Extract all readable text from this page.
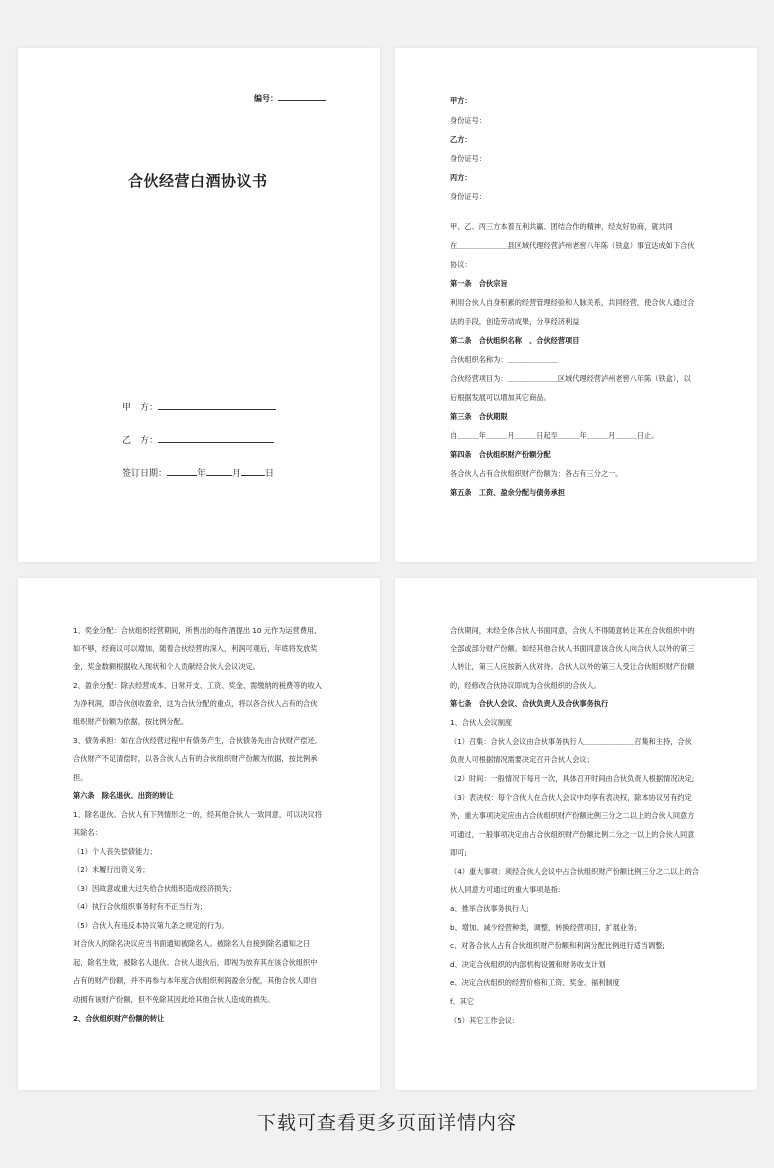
编号：
合伙经营白酒协议书
甲　方：
乙　方：
签订日期：	年	月	日
甲方：
身份证号：
乙方：
身份证号：
丙方：
身份证号：
甲、乙、丙三方本着互利共赢、团结合作的精神，经友好协商，就共同
在＿＿＿＿＿＿＿县区域代理经营泸州老窖八年陈（铁盒）事宜达成如下合伙
协议：
第一条　合伙宗旨
利用合伙人自身积累的经营管理经验和人脉关系，共同经营，使合伙人通过合
法的手段，创造劳动成果，分享经济利益
第二条　合伙组织名称　、合伙经营项目
合伙组织名称为：＿＿＿＿＿＿＿
合伙经营项目为：＿＿＿＿＿＿＿区域代理经营泸州老窖八年陈（铁盒），以
后根据发展可以增加其它商品。
第三条　合伙期限
自＿＿＿年＿＿＿月＿＿＿日起至＿＿＿年＿＿＿月＿＿＿日止。
第四条　合伙组织财产份额分配
各合伙人占有合伙组织财产份额为：各占有三分之一。
第五条　工资、盈余分配与债务承担
1、奖金分配：合伙组织经营期间，所售出的每件酒提出 10 元作为运营费用,
如不够，经商议可以增加，随着合伙经营的深入，利润可观后，年底将发放奖
金，奖金数额根据收入现状和个人贡献经合伙人会议决定。
2、盈余分配：除去经营成本、日常开支、工资、奖金、需缴纳的税费等的收入
为净利润，即合伙创收盈余，这为合伙分配的重点，将以各合伙人占有的合伙
组织财产份额为依据，按比例分配。
3、债务承担：如在合伙经营过程中有债务产生，合伙债务先由合伙财产偿还,
合伙财产不足清偿时，以各合伙人占有的合伙组织财产份额为依据，按比例承
担。
第六条　除名退伙、出资的转让
1、除名退伙。合伙人有下列情形之一的，经其他合伙人一致同意，可以决议将
其除名：
（1）个人丧失偿债能力；
（2）未履行出资义务；
（3）因故意或重大过失给合伙组织造成经济损失；
（4）执行合伙组织事务时有不正当行为；
（5）合伙人有违反本协议第九条之规定的行为。
对合伙人的除名决议应当书面通知被除名人。被除名人自接到除名通知之日
起，除名生效，被除名人退伙。合伙人退伙后，即视为放弃其在该合伙组织中
占有的财产份额，并不再参与本年度合伙组织利润盈余分配，其他合伙人即自
动拥有该财产份额，但不免除其因此给其他合伙人造成的损失。
2、合伙组织财产份额的转让
合伙期间，未经全体合伙人书面同意，合伙人不得随意转让其在合伙组织中的
全部或部分财产份额。如经其他合伙人书面同意该合伙人向合伙人以外的第三
人转让，第三人应按新入伙对待。合伙人以外的第三人受让合伙组织财产份额
的，经修改合伙协议即成为合伙组织的合伙人。
第七条　合伙人会议、合伙负责人及合伙事务执行
1、合伙人会议制度
（1）召集：合伙人会议由合伙事务执行人＿＿＿＿＿＿＿召集和主持，合伙
负责人可根据情况需要决定召开合伙人会议；
（2）时间：一般情况下每月一次，具体召开时间由合伙负责人根据情况决定;
（3）表决权：每个合伙人在合伙人会议中均享有表决权，除本协议另有约定
外，重大事项决定应由占合伙组织财产份额比例三分之二以上的合伙人同意方
可通过，一般事项决定由占合伙组织财产份额比例二分之一以上的合伙人同意
即可;
（4）重大事项：须经合伙人会议中占合伙组织财产份额比例三分之二以上的合
伙人同意方可通过的重大事项是指:
a、推举合伙事务执行人;
b、增加、减少经营种类，调整，转换经营项目，扩展业务;
c、对各合伙人占有合伙组织财产份额和利润分配比例进行适当调整;
d、决定合伙组织的内部机构设置和财务收支计划
e、决定合伙组织的经营价格和工资、奖金、福利制度
f、其它
（5）其它工作会议:
下载可查看更多页面详情内容
